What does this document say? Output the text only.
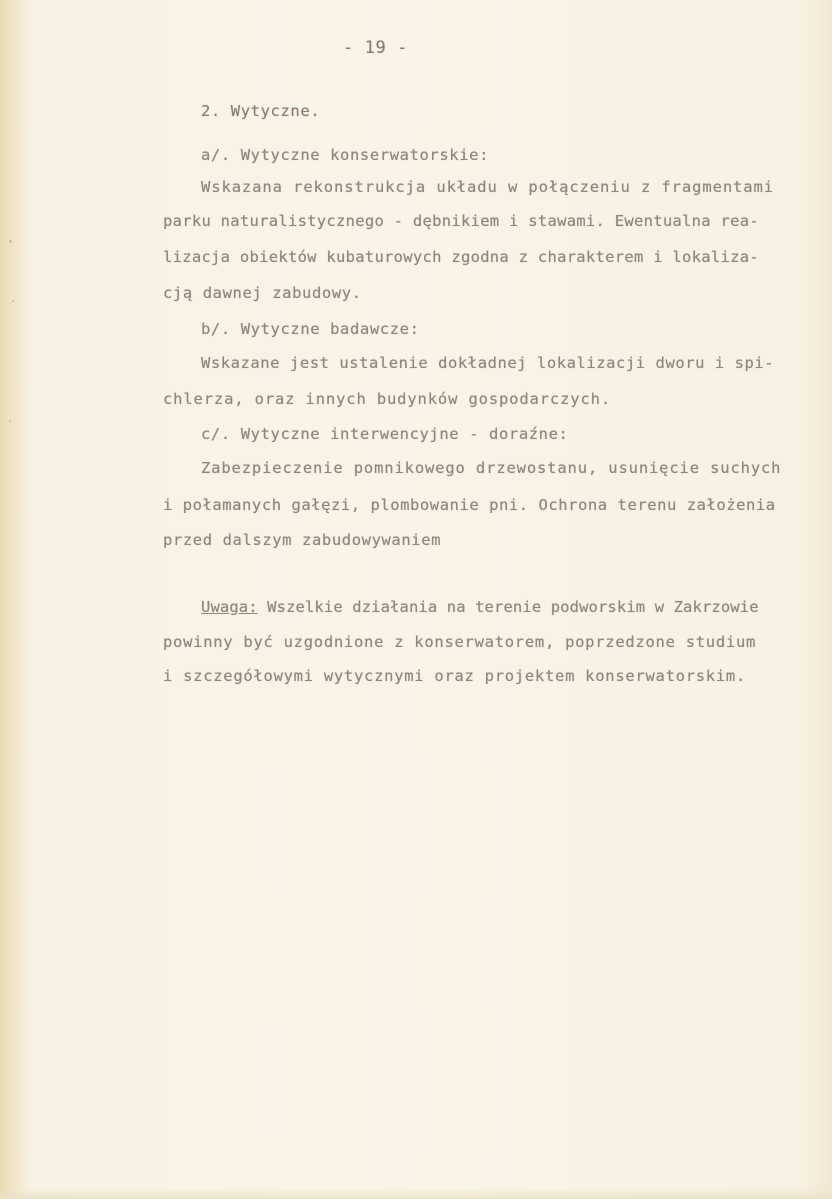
- 19 -
2. Wytyczne.
a/. Wytyczne konserwatorskie:
Wskazana rekonstrukcja układu w połączeniu z fragmentami
parku naturalistycznego - dębnikiem i stawami. Ewentualna rea-
lizacja obiektów kubaturowych zgodna z charakterem i lokaliza-
cją dawnej zabudowy.
b/. Wytyczne badawcze:
Wskazane jest ustalenie dokładnej lokalizacji dworu i spi-
chlerza, oraz innych budynków gospodarczych.
c/. Wytyczne interwencyjne - doraźne:
Zabezpieczenie pomnikowego drzewostanu, usunięcie suchych
i połamanych gałęzi, plombowanie pni. Ochrona terenu założenia
przed dalszym zabudowywaniem
Uwaga: Wszelkie działania na terenie podworskim w Zakrzowie
powinny być uzgodnione z konserwatorem, poprzedzone studium
i szczegółowymi wytycznymi oraz projektem konserwatorskim.
